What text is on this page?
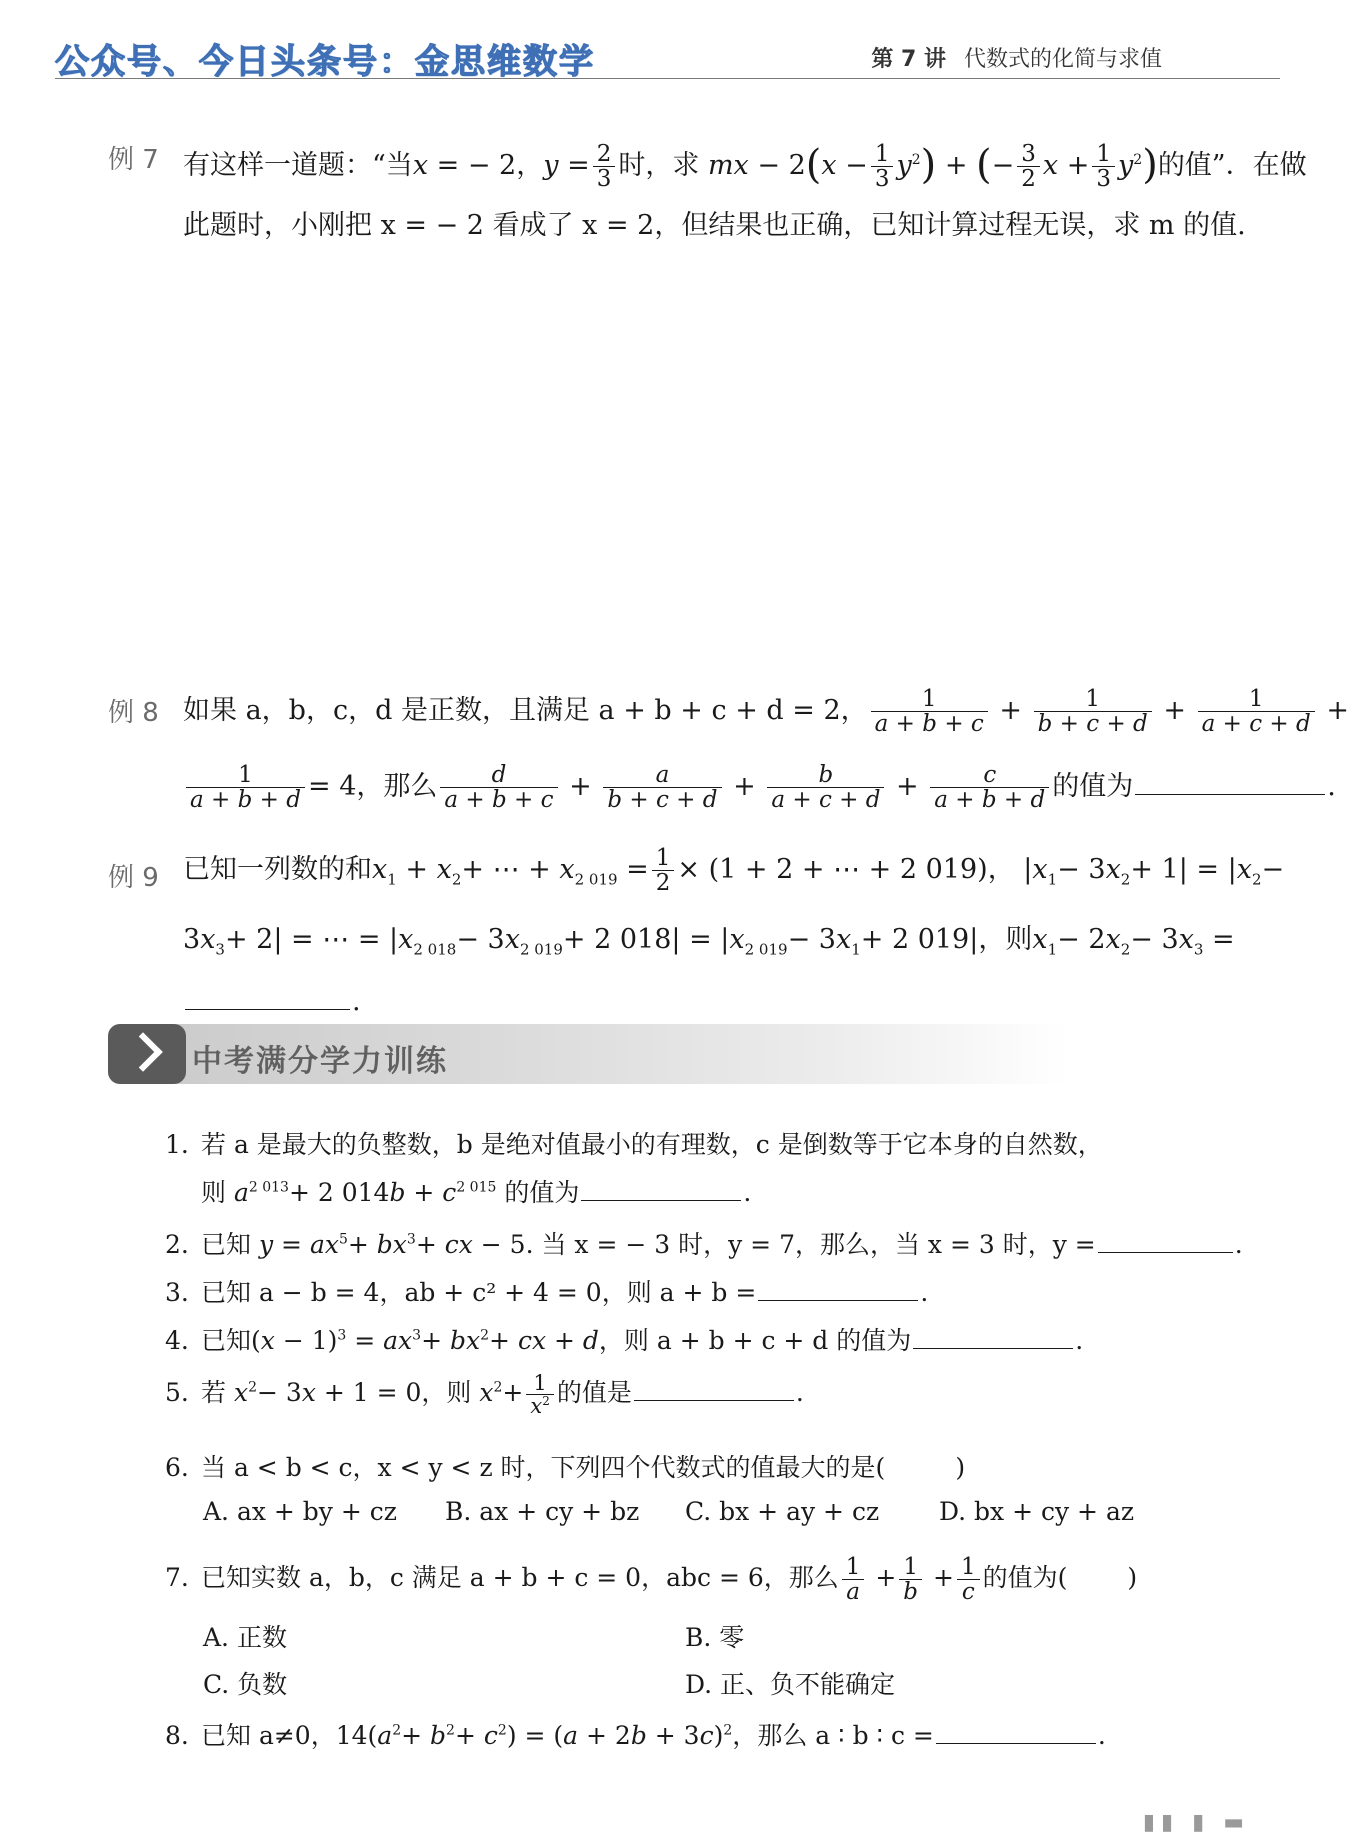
公众号、今日头条号：金思维数学	第 7 讲 代数式的化简与求值
例 7 有这样一道题：“当x = − 2，$y = \frac{2}{3}$ 时，求 mx − $2(x - \frac{1}{3} y^2)$ + (− $\frac{3}{2}$ $x + \frac{1}{3} y^2$)的值”．在做
此题时，小刚把 x = − 2 看成了 x = 2，但结果也正确，已知计算过程无误，求 m 的值.
例 8 如果 a，b，c，d 是正数，且满足 a + b + c + d = 2， $\frac{1}{a + b + c} + \frac{1}{b + c + d} + \frac{1}{a + c + d}$ +
$\frac{1}{a + b + d} = 4$，那么 $\frac{d}{a + b + c} + \frac{a}{b + c + d} + \frac{b}{a + c + d} + \frac{c}{a + b + d}$ 的值为	.
例 9 已知一列数的和$x_1 + x_2+$ ⋯ + $x_{2 019} = \frac{1}{2} \times (1 + 2$ + ⋯ + 2 019)， $|x_1- 3x_2+ 1| = |x_2-$
$3x_3+ 2|$ = ⋯ = $|x_{2 018}- 3x_{2 019}+ 2$ $018| = |x_{2 019}- 3x_1+ 2$ 019|，则$x_1- 2x_2- 3x_3$ =
.
中考满分学力训练
1. 若 a 是最大的负整数，b 是绝对值最小的有理数，c 是倒数等于它本身的自然数，
则 $a^{2 013}+ 2$ $014b + c^{2 015}$ 的值为	.
2. 已知 $y = ax^5+ bx^3+$ cx − 5. 当 x = − 3 时，y = 7，那么，当 x = 3 时，y =	.
3. 已知 a − b = 4，ab + c² + 4 = 0，则 a + b =	.
4. 已知$(x - 1)^3 = ax^3+ bx^2+$ cx + d，则 a + b + c + d 的值为	.
5. 若 $x^2- 3x + 1 = 0$，则 $x^2+ \frac{1}{x^2}$ 的值是	.
6. 当 a < b < c，x < y < z 时，下列四个代数式的值最大的是(	)
A. ax + by + cz B. ax + cy + bz C. bx + ay + cz D. bx + cy + az
7. 已知实数 a，b，c 满足 a + b + c = 0，abc = 6，那么 $\frac{1}{a} + \frac{1}{b} + \frac{1}{c}$ 的值为( )
A. 正数	B. 零
C. 负数	D. 正、负不能确定
8. 已知 a≠0，$14(a^2+ b^2+ c^2) = (a + 2b + 3c)^2$，那么 a ∶ b ∶ c =	.
▮▮ ▮ ▬
